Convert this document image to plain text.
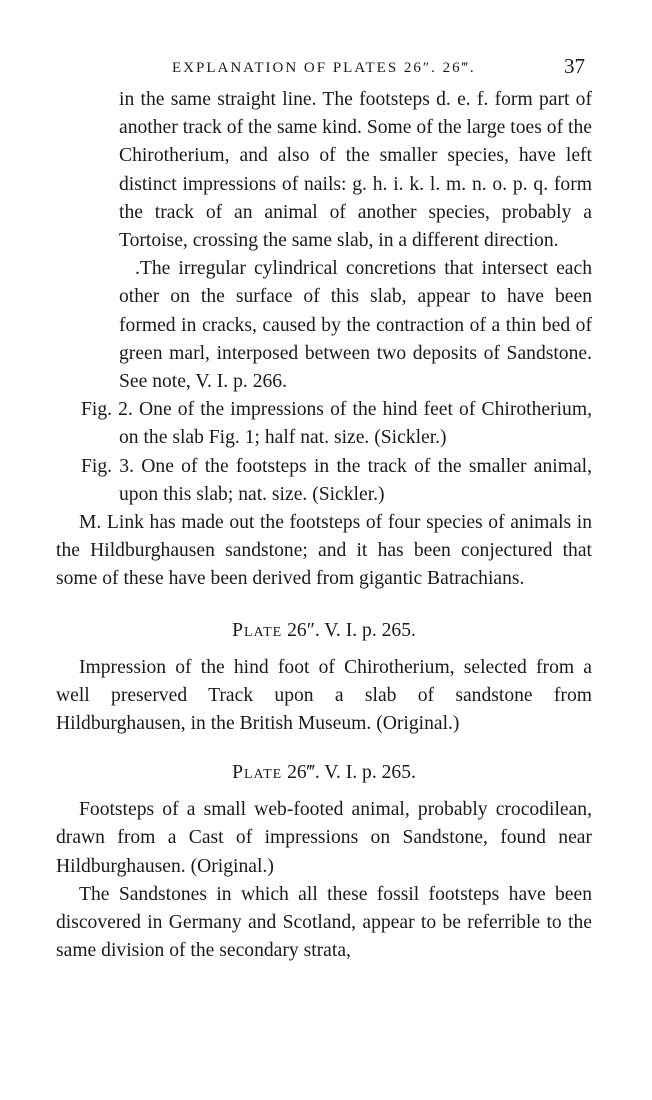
EXPLANATION OF PLATES 26″. 26‴.	37

in the same straight line. The footsteps d. e. f. form part of another track of the same kind. Some of the large toes of the Chirotherium, and also of the smaller species, have left distinct impressions of nails: g. h. i. k. l. m. n. o. p. q. form the track of an animal of another species, probably a Tortoise, crossing the same slab, in a different direction.

.The irregular cylindrical concretions that intersect each other on the surface of this slab, appear to have been formed in cracks, caused by the contraction of a thin bed of green marl, interposed between two deposits of Sandstone. See note, V. I. p. 266.

Fig. 2. One of the impressions of the hind feet of Chirotherium, on the slab Fig. 1; half nat. size. (Sickler.)

Fig. 3. One of the footsteps in the track of the smaller animal, upon this slab; nat. size. (Sickler.)

M. Link has made out the footsteps of four species of animals in the Hildburghausen sandstone; and it has been conjectured that some of these have been derived from gigantic Batrachians.

Plate 26″. V. I. p. 265.

Impression of the hind foot of Chirotherium, selected from a well preserved Track upon a slab of sandstone from Hildburghausen, in the British Museum. (Original.)

Plate 26‴. V. I. p. 265.

Footsteps of a small web-footed animal, probably crocodilean, drawn from a Cast of impressions on Sandstone, found near Hildburghausen. (Original.)

The Sandstones in which all these fossil footsteps have been discovered in Germany and Scotland, appear to be referrible to the same division of the secondary strata,
